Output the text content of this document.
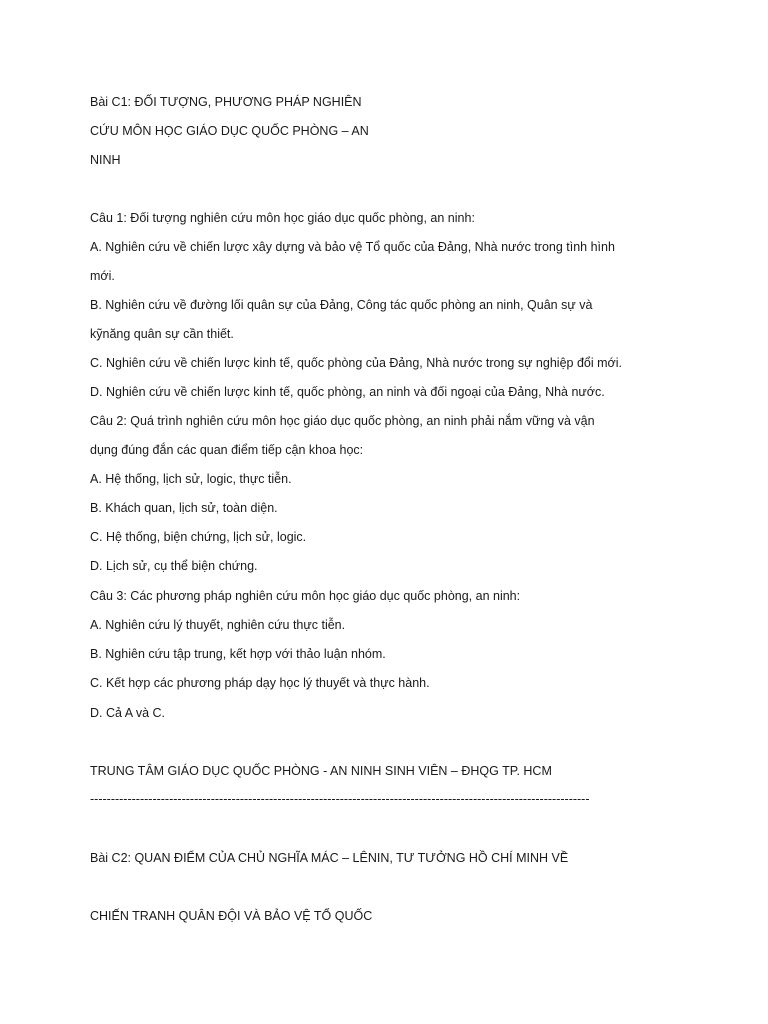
Bài C1: ĐỐI TƯỢNG, PHƯƠNG PHÁP NGHIÊN
CỨU MÔN HỌC GIÁO DỤC QUỐC PHÒNG – AN
NINH
Câu 1: Đối tượng nghiên cứu môn học giáo dục quốc phòng, an ninh:
A. Nghiên cứu về chiến lược xây dựng và bảo vệ Tổ quốc của Đảng, Nhà nước trong tình hình
mới.
B. Nghiên cứu về đường lối quân sự của Đảng, Công tác quốc phòng an ninh, Quân sự và
kỹnăng quân sự cần thiết.
C. Nghiên cứu về chiến lược kinh tế, quốc phòng của Đảng, Nhà nước trong sự nghiệp đổi mới.
D. Nghiên cứu về chiến lược kinh tế, quốc phòng, an ninh và đối ngoại của Đảng, Nhà nước.
Câu 2: Quá trình nghiên cứu môn học giáo dục quốc phòng, an ninh phải nắm vững và vận
dụng đúng đắn các quan điểm tiếp cận khoa học:
A. Hệ thống, lịch sử, logic, thực tiễn.
B. Khách quan, lịch sử, toàn diện.
C. Hệ thống, biện chứng, lịch sử, logic.
D. Lịch sử, cụ thể biện chứng.
Câu 3: Các phương pháp nghiên cứu môn học giáo dục quốc phòng, an ninh:
A. Nghiên cứu lý thuyết, nghiên cứu thực tiễn.
B. Nghiên cứu tập trung, kết hợp với thảo luận nhóm.
C. Kết hợp các phương pháp dạy học lý thuyết và thực hành.
D. Cả A và C.
TRUNG TÂM GIÁO DỤC QUỐC PHÒNG - AN NINH SINH VIÊN – ĐHQG TP. HCM
------------------------------------------------------------------------------------------------------------------------
Bài C2: QUAN ĐIỂM CỦA CHỦ NGHĨA MÁC – LÊNIN, TƯ TƯỞNG HỒ CHÍ MINH VỀ
CHIẾN TRANH QUÂN ĐỘI VÀ BẢO VỆ TỔ QUỐC
